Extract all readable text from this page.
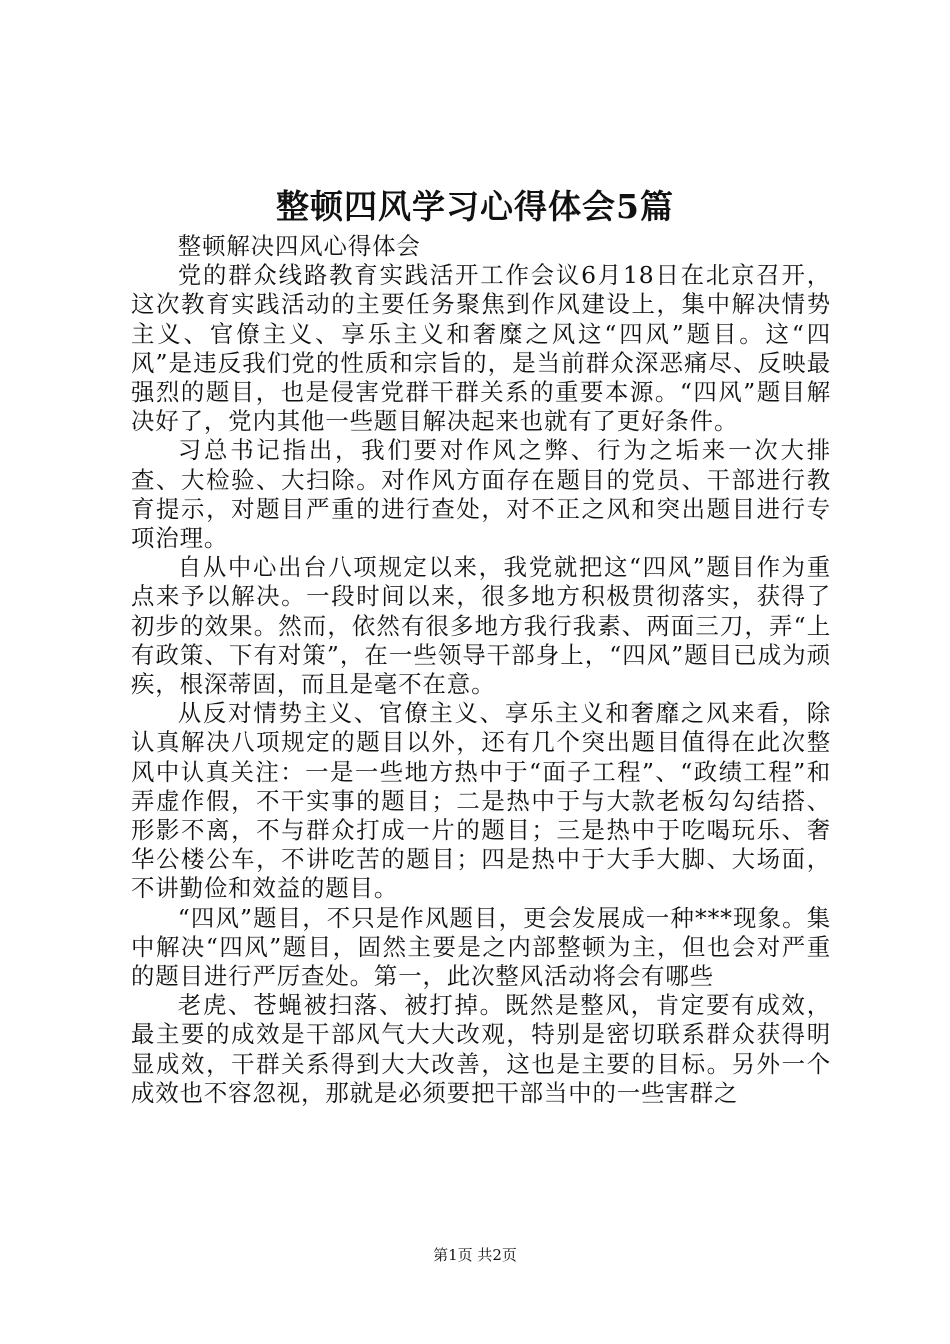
整顿四风学习心得体会5篇

整顿解决四风心得体会

党的群众线路教育实践活开工作会议6月18日在北京召开，这次教育实践活动的主要任务聚焦到作风建设上，集中解决情势主义、官僚主义、享乐主义和奢糜之风这“四风”题目。这“四风”是违反我们党的性质和宗旨的，是当前群众深恶痛尽、反映最强烈的题目，也是侵害党群干群关系的重要本源。“四风”题目解决好了，党内其他一些题目解决起来也就有了更好条件。

习总书记指出，我们要对作风之弊、行为之垢来一次大排查、大检验、大扫除。对作风方面存在题目的党员、干部进行教育提示，对题目严重的进行查处，对不正之风和突出题目进行专项治理。

自从中心出台八项规定以来，我党就把这“四风”题目作为重点来予以解决。一段时间以来，很多地方积极贯彻落实，获得了初步的效果。然而，依然有很多地方我行我素、两面三刀，弄“上有政策、下有对策”，在一些领导干部身上，“四风”题目已成为顽疾，根深蒂固，而且是毫不在意。

从反对情势主义、官僚主义、享乐主义和奢靡之风来看，除认真解决八项规定的题目以外，还有几个突出题目值得在此次整风中认真关注：一是一些地方热中于“面子工程”、“政绩工程”和弄虚作假，不干实事的题目；二是热中于与大款老板勾勾结搭、形影不离，不与群众打成一片的题目；三是热中于吃喝玩乐、奢华公楼公车，不讲吃苦的题目；四是热中于大手大脚、大场面，不讲勤俭和效益的题目。

“四风”题目，不只是作风题目，更会发展成一种***现象。集中解决“四风”题目，固然主要是之内部整顿为主，但也会对严重的题目进行严厉查处。第一，此次整风活动将会有哪些

老虎、苍蝇被扫落、被打掉。既然是整风，肯定要有成效，最主要的成效是干部风气大大改观，特别是密切联系群众获得明显成效，干群关系得到大大改善，这也是主要的目标。另外一个成效也不容忽视，那就是必须要把干部当中的一些害群之

第1页 共2页
